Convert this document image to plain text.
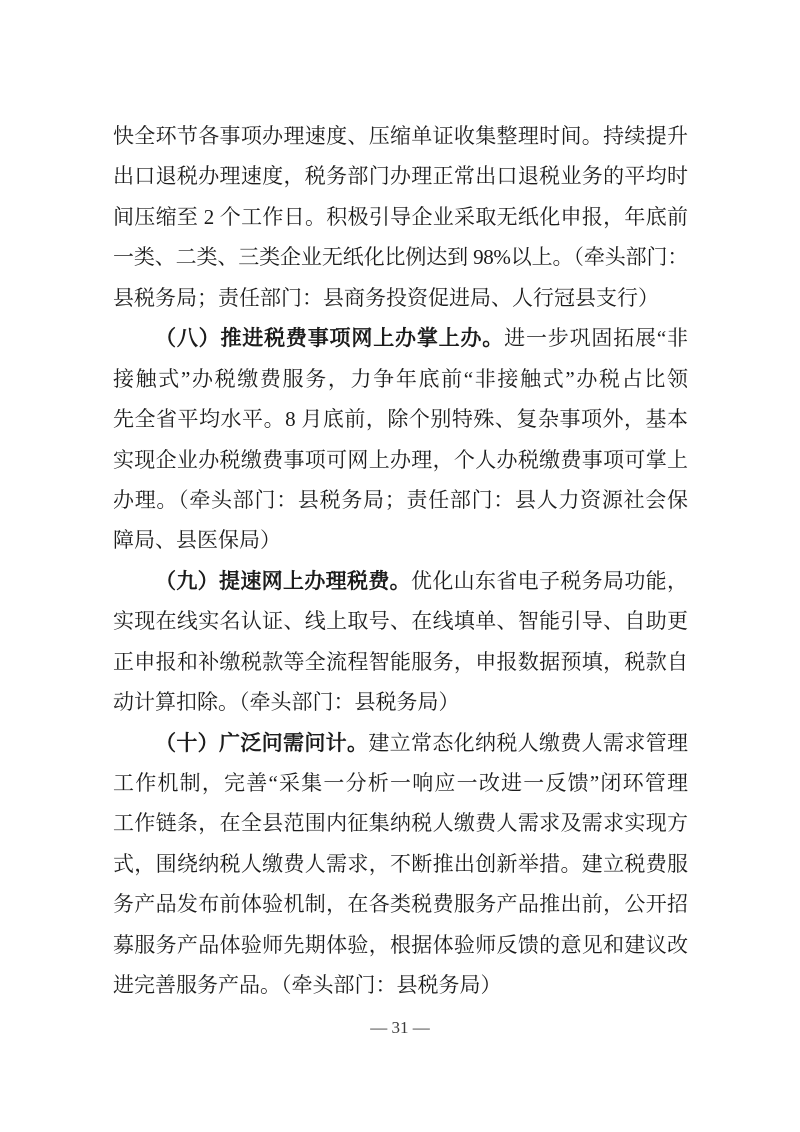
快全环节各事项办理速度、压缩单证收集整理时间。持续提升
出口退税办理速度，税务部门办理正常出口退税业务的平均时
间压缩至 2 个工作日。积极引导企业采取无纸化申报，年底前
一类、二类、三类企业无纸化比例达到 98%以上。（牵头部门：
县税务局；责任部门：县商务投资促进局、人行冠县支行）
（八）推进税费事项网上办掌上办。进一步巩固拓展“非
接触式”办税缴费服务，力争年底前“非接触式”办税占比领
先全省平均水平。8 月底前，除个别特殊、复杂事项外，基本
实现企业办税缴费事项可网上办理，个人办税缴费事项可掌上
办理。（牵头部门：县税务局；责任部门：县人力资源社会保
障局、县医保局）
（九）提速网上办理税费。优化山东省电子税务局功能，
实现在线实名认证、线上取号、在线填单、智能引导、自助更
正申报和补缴税款等全流程智能服务，申报数据预填，税款自
动计算扣除。（牵头部门：县税务局）
（十）广泛问需问计。建立常态化纳税人缴费人需求管理
工作机制，完善“采集一分析一响应一改进一反馈”闭环管理
工作链条，在全县范围内征集纳税人缴费人需求及需求实现方
式，围绕纳税人缴费人需求，不断推出创新举措。建立税费服
务产品发布前体验机制，在各类税费服务产品推出前，公开招
募服务产品体验师先期体验，根据体验师反馈的意见和建议改
进完善服务产品。（牵头部门：县税务局）
— 31 —
